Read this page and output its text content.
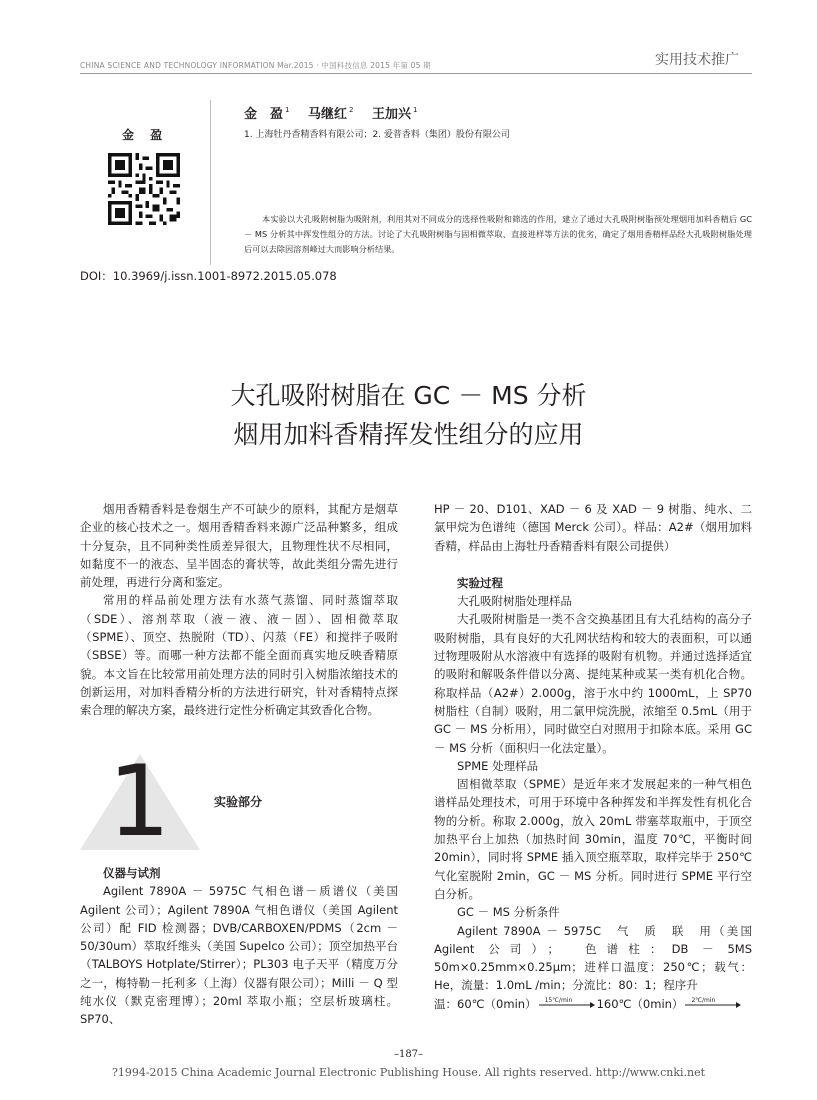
CHINA SCIENCE AND TECHNOLOGY INFORMATION Mar.2015 · 中国科技信息 2015 年第 05 期	实用技术推广
金　盈 $^1$ 马继红 $^2$ 王加兴 $^1$
1. 上海牡丹香精香料有限公司；2. 爱普香料（集团）股份有限公司
金 盈
本实验以大孔吸附树脂为吸附剂，利用其对不同成分的选择性吸附和筛选的作用，建立了通过大孔吸附树脂预处理烟用加料香精后 GC － MS 分析其中挥发性组分的方法。讨论了大孔吸附树脂与固相微萃取、直接进样等方法的优劣，确定了烟用香精样品经大孔吸附树脂处理后可以去除因溶剂峰过大而影响分析结果。
DOI：10.3969/j.issn.1001-8972.2015.05.078
大孔吸附树脂在 GC － MS 分析
烟用加料香精挥发性组分的应用

烟用香精香料是卷烟生产不可缺少的原料，其配方是烟草企业的核心技术之一。烟用香精香料来源广泛品种繁多，组成十分复杂，且不同种类性质差异很大，且物理性状不尽相同，如黏度不一的液态、呈半固态的膏状等，故此类组分需先进行前处理，再进行分离和鉴定。

常用的样品前处理方法有水蒸气蒸馏、同时蒸馏萃取（SDE）、溶剂萃取（液－液、液－固）、固相微萃取（SPME）、顶空、热脱附（TD）、闪蒸（FE）和搅拌子吸附（SBSE）等。而哪一种方法都不能全面而真实地反映香精原貌。本文旨在比较常用前处理方法的同时引入树脂浓缩技术的创新运用，对加料香精分析的方法进行研究，针对香精特点探索合理的解决方案，最终进行定性分析确定其致香化合物。

1	实验部分

仪器与试剂

Agilent 7890A － 5975C 气相色谱－质谱仪（美国 Agilent 公司）；Agilent 7890A 气相色谱仪（美国 Agilent 公司）配 FID 检测器；DVB/CARBOXEN/PDMS（2cm － 50/30um）萃取纤维头（美国 Supelco 公司）；顶空加热平台（TALBOYS Hotplate/Stirrer）；PL303 电子天平（精度万分之一，梅特勒－托利多（上海）仪器有限公司）；Milli － Q 型纯水仪（默克密理博）；20ml 萃取小瓶；空层析玻璃柱。SP70、

HP － 20、D101、XAD － 6 及 XAD － 9 树脂、纯水、二氯甲烷为色谱纯（德国 Merck 公司）。样品：A2#（烟用加料香精，样品由上海牡丹香精香料有限公司提供）

实验过程

大孔吸附树脂处理样品

大孔吸附树脂是一类不含交换基团且有大孔结构的高分子吸附树脂，具有良好的大孔网状结构和较大的表面积，可以通过物理吸附从水溶液中有选择的吸附有机物。并通过选择适宜的吸附和解吸条件借以分离、提纯某种或某一类有机化合物。称取样品（A2#）2.000g，溶于水中约 1000mL，上 SP70 树脂柱（自制）吸附，用二氯甲烷洗脱，浓缩至 0.5mL（用于 GC － MS 分析用），同时做空白对照用于扣除本底。采用 GC － MS 分析（面积归一化法定量）。

SPME 处理样品

固相微萃取（SPME）是近年来才发展起来的一种气相色谱样品处理技术，可用于环境中各种挥发和半挥发性有机化合物的分析。称取 2.000g，放入 20mL 带塞萃取瓶中，于顶空加热平台上加热（加热时间 30min，温度 70℃，平衡时间 20min），同时将 SPME 插入顶空瓶萃取，取样完毕于 250℃气化室脱附 2min，GC － MS 分析。同时进行 SPME 平行空白分析。

GC － MS 分析条件

Agilent 7890A － 5975C　气　质　联　用（美国 Agilent 公司）；　色谱柱：DB － 5MS 50m×0.25mm×0.25μm；进样口温度：250℃；载气：He，流量：1.0mL /min；分流比：80：1；程序升

温：60℃（0min） 15℃/min 160℃（0min） 2℃/min

–187–
?1994-2015 China Academic Journal Electronic Publishing House. All rights reserved. http://www.cnki.net
